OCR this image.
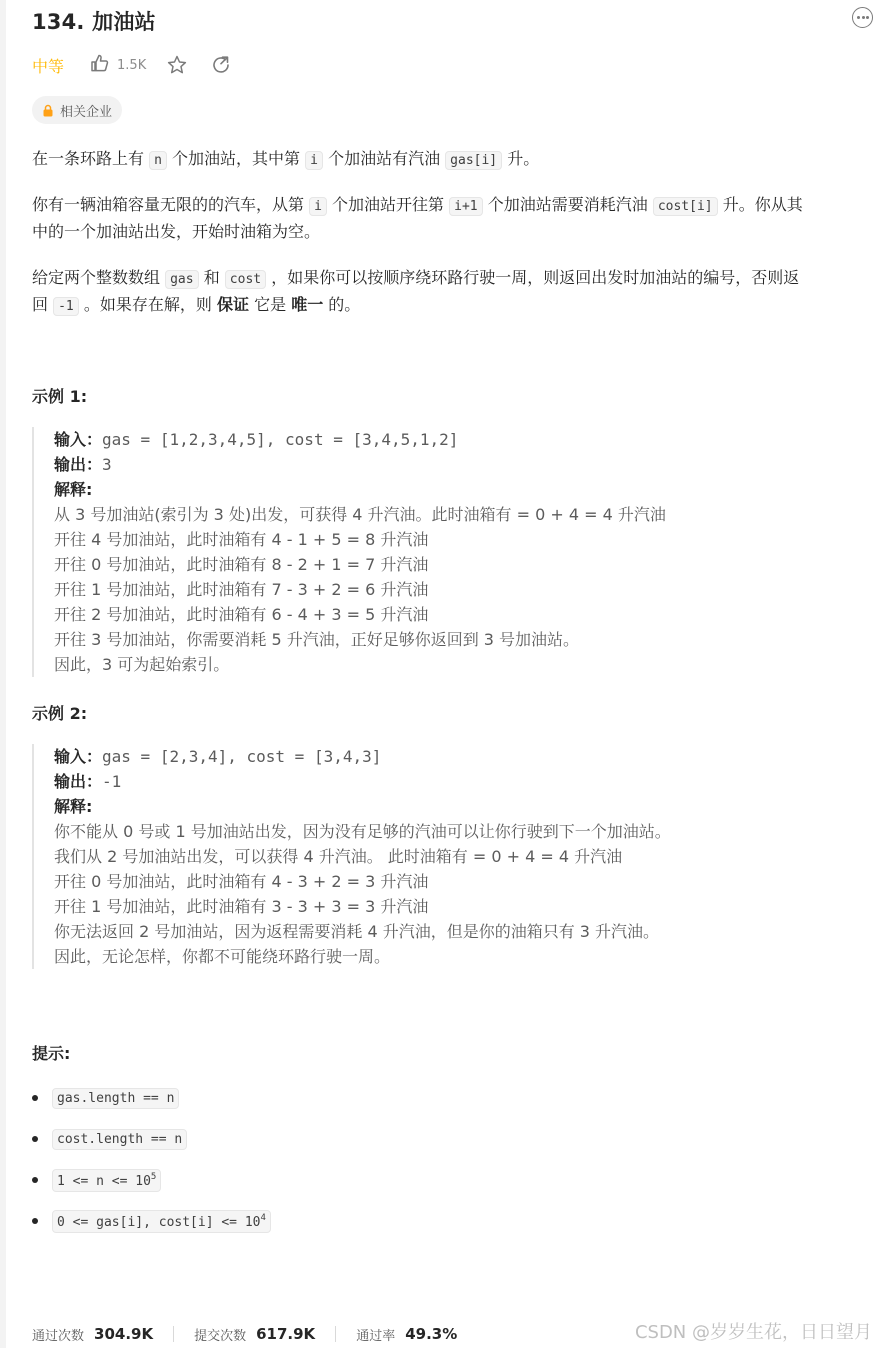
134. 加油站
中等	1.5K
相关企业
在一条环路上有 n 个加油站，其中第 i 个加油站有汽油 gas[i] 升。
你有一辆油箱容量无限的的汽车，从第 i 个加油站开往第 i+1 个加油站需要消耗汽油 cost[i] 升。你从其
中的一个加油站出发，开始时油箱为空。
给定两个整数数组 gas 和 cost ，如果你可以按顺序绕环路行驶一周，则返回出发时加油站的编号，否则返
回 -1 。如果存在解，则 保证 它是 唯一 的。
示例 1:
输入：gas = [1,2,3,4,5], cost = [3,4,5,1,2]
输出：3
解释:
从 3 号加油站(索引为 3 处)出发，可获得 4 升汽油。此时油箱有 = 0 + 4 = 4 升汽油
开往 4 号加油站，此时油箱有 4 - 1 + 5 = 8 升汽油
开往 0 号加油站，此时油箱有 8 - 2 + 1 = 7 升汽油
开往 1 号加油站，此时油箱有 7 - 3 + 2 = 6 升汽油
开往 2 号加油站，此时油箱有 6 - 4 + 3 = 5 升汽油
开往 3 号加油站，你需要消耗 5 升汽油，正好足够你返回到 3 号加油站。
因此，3 可为起始索引。
示例 2:
输入：gas = [2,3,4], cost = [3,4,3]
输出：-1
解释:
你不能从 0 号或 1 号加油站出发，因为没有足够的汽油可以让你行驶到下一个加油站。
我们从 2 号加油站出发，可以获得 4 升汽油。 此时油箱有 = 0 + 4 = 4 升汽油
开往 0 号加油站，此时油箱有 4 - 3 + 2 = 3 升汽油
开往 1 号加油站，此时油箱有 3 - 3 + 3 = 3 升汽油
你无法返回 2 号加油站，因为返程需要消耗 4 升汽油，但是你的油箱只有 3 升汽油。
因此，无论怎样，你都不可能绕环路行驶一周。
提示:
gas.length == n
cost.length == n
$1 <= n <= 10^5$
0 <= gas[i], $\cos t[i] <= 10^4$
通过次数 304.9K	提交次数 617.9K	通过率 49.3%	CSDN @岁岁生花，日日望月
